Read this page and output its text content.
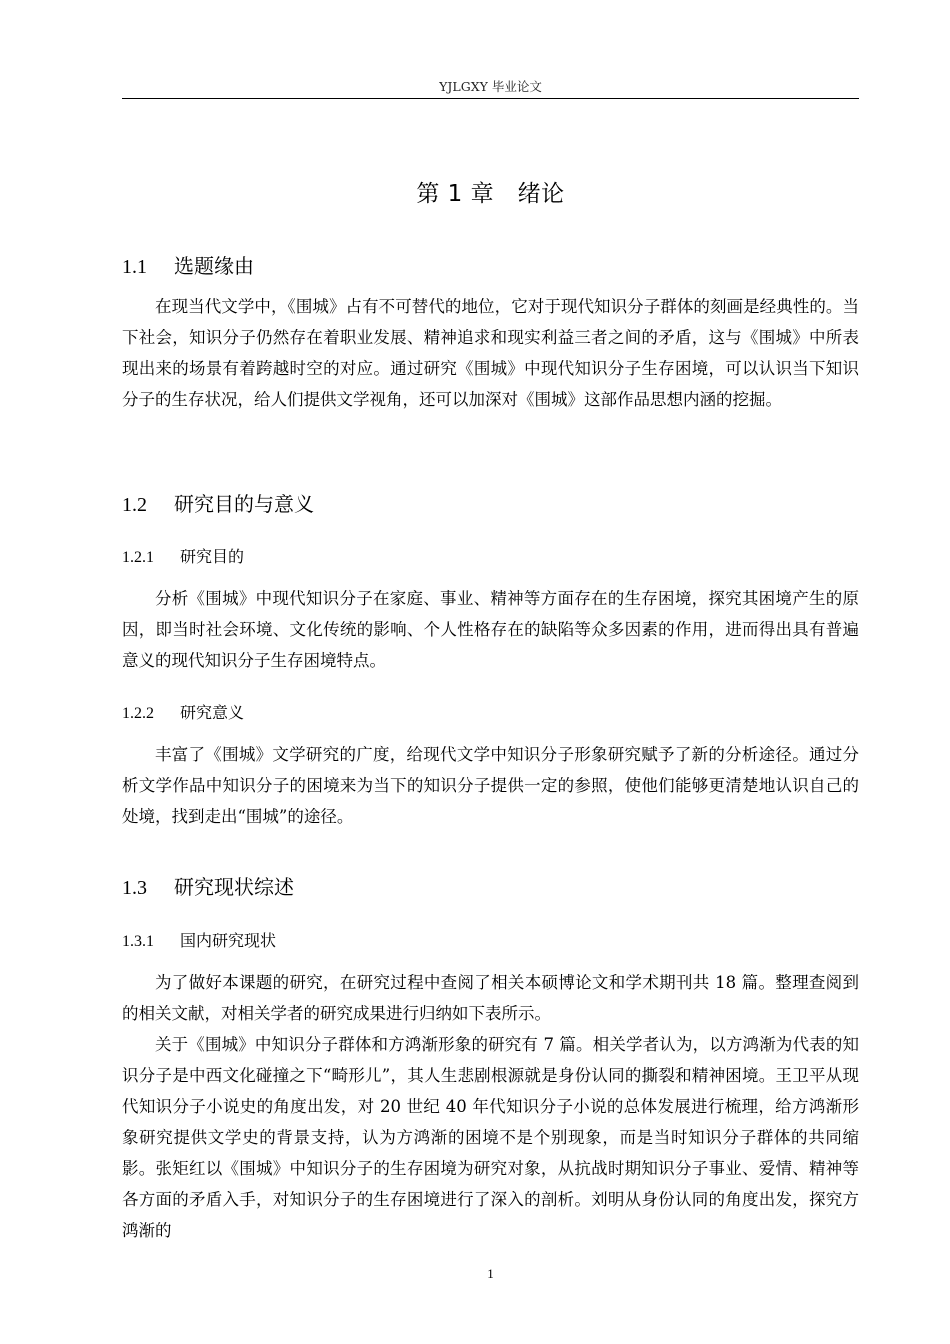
YJLGXY 毕业论文
第 1 章　绪论
1.1 选题缘由

在现当代文学中，《围城》占有不可替代的地位，它对于现代知识分子群体的刻画是经典性的。当下社会，知识分子仍然存在着职业发展、精神追求和现实利益三者之间的矛盾，这与《围城》中所表现出来的场景有着跨越时空的对应。通过研究《围城》中现代知识分子生存困境，可以认识当下知识分子的生存状况，给人们提供文学视角，还可以加深对《围城》这部作品思想内涵的挖掘。

1.2 研究目的与意义
1.2.1 研究目的

分析《围城》中现代知识分子在家庭、事业、精神等方面存在的生存困境，探究其困境产生的原因，即当时社会环境、文化传统的影响、个人性格存在的缺陷等众多因素的作用，进而得出具有普遍意义的现代知识分子生存困境特点。

1.2.2 研究意义

丰富了《围城》文学研究的广度，给现代文学中知识分子形象研究赋予了新的分析途径。通过分析文学作品中知识分子的困境来为当下的知识分子提供一定的参照，使他们能够更清楚地认识自己的处境，找到走出“围城”的途径。

1.3 研究现状综述
1.3.1 国内研究现状

为了做好本课题的研究，在研究过程中查阅了相关本硕博论文和学术期刊共 18 篇。整理查阅到的相关文献，对相关学者的研究成果进行归纳如下表所示。

关于《围城》中知识分子群体和方鸿渐形象的研究有 7 篇。相关学者认为，以方鸿渐为代表的知识分子是中西文化碰撞之下“畸形儿”，其人生悲剧根源就是身份认同的撕裂和精神困境。王卫平从现代知识分子小说史的角度出发，对 20 世纪 40 年代知识分子小说的总体发展进行梳理，给方鸿渐形象研究提供文学史的背景支持，认为方鸿渐的困境不是个别现象，而是当时知识分子群体的共同缩影。张矩红以《围城》中知识分子的生存困境为研究对象，从抗战时期知识分子事业、爱情、精神等各方面的矛盾入手，对知识分子的生存困境进行了深入的剖析。刘明从身份认同的角度出发，探究方鸿渐的

1
